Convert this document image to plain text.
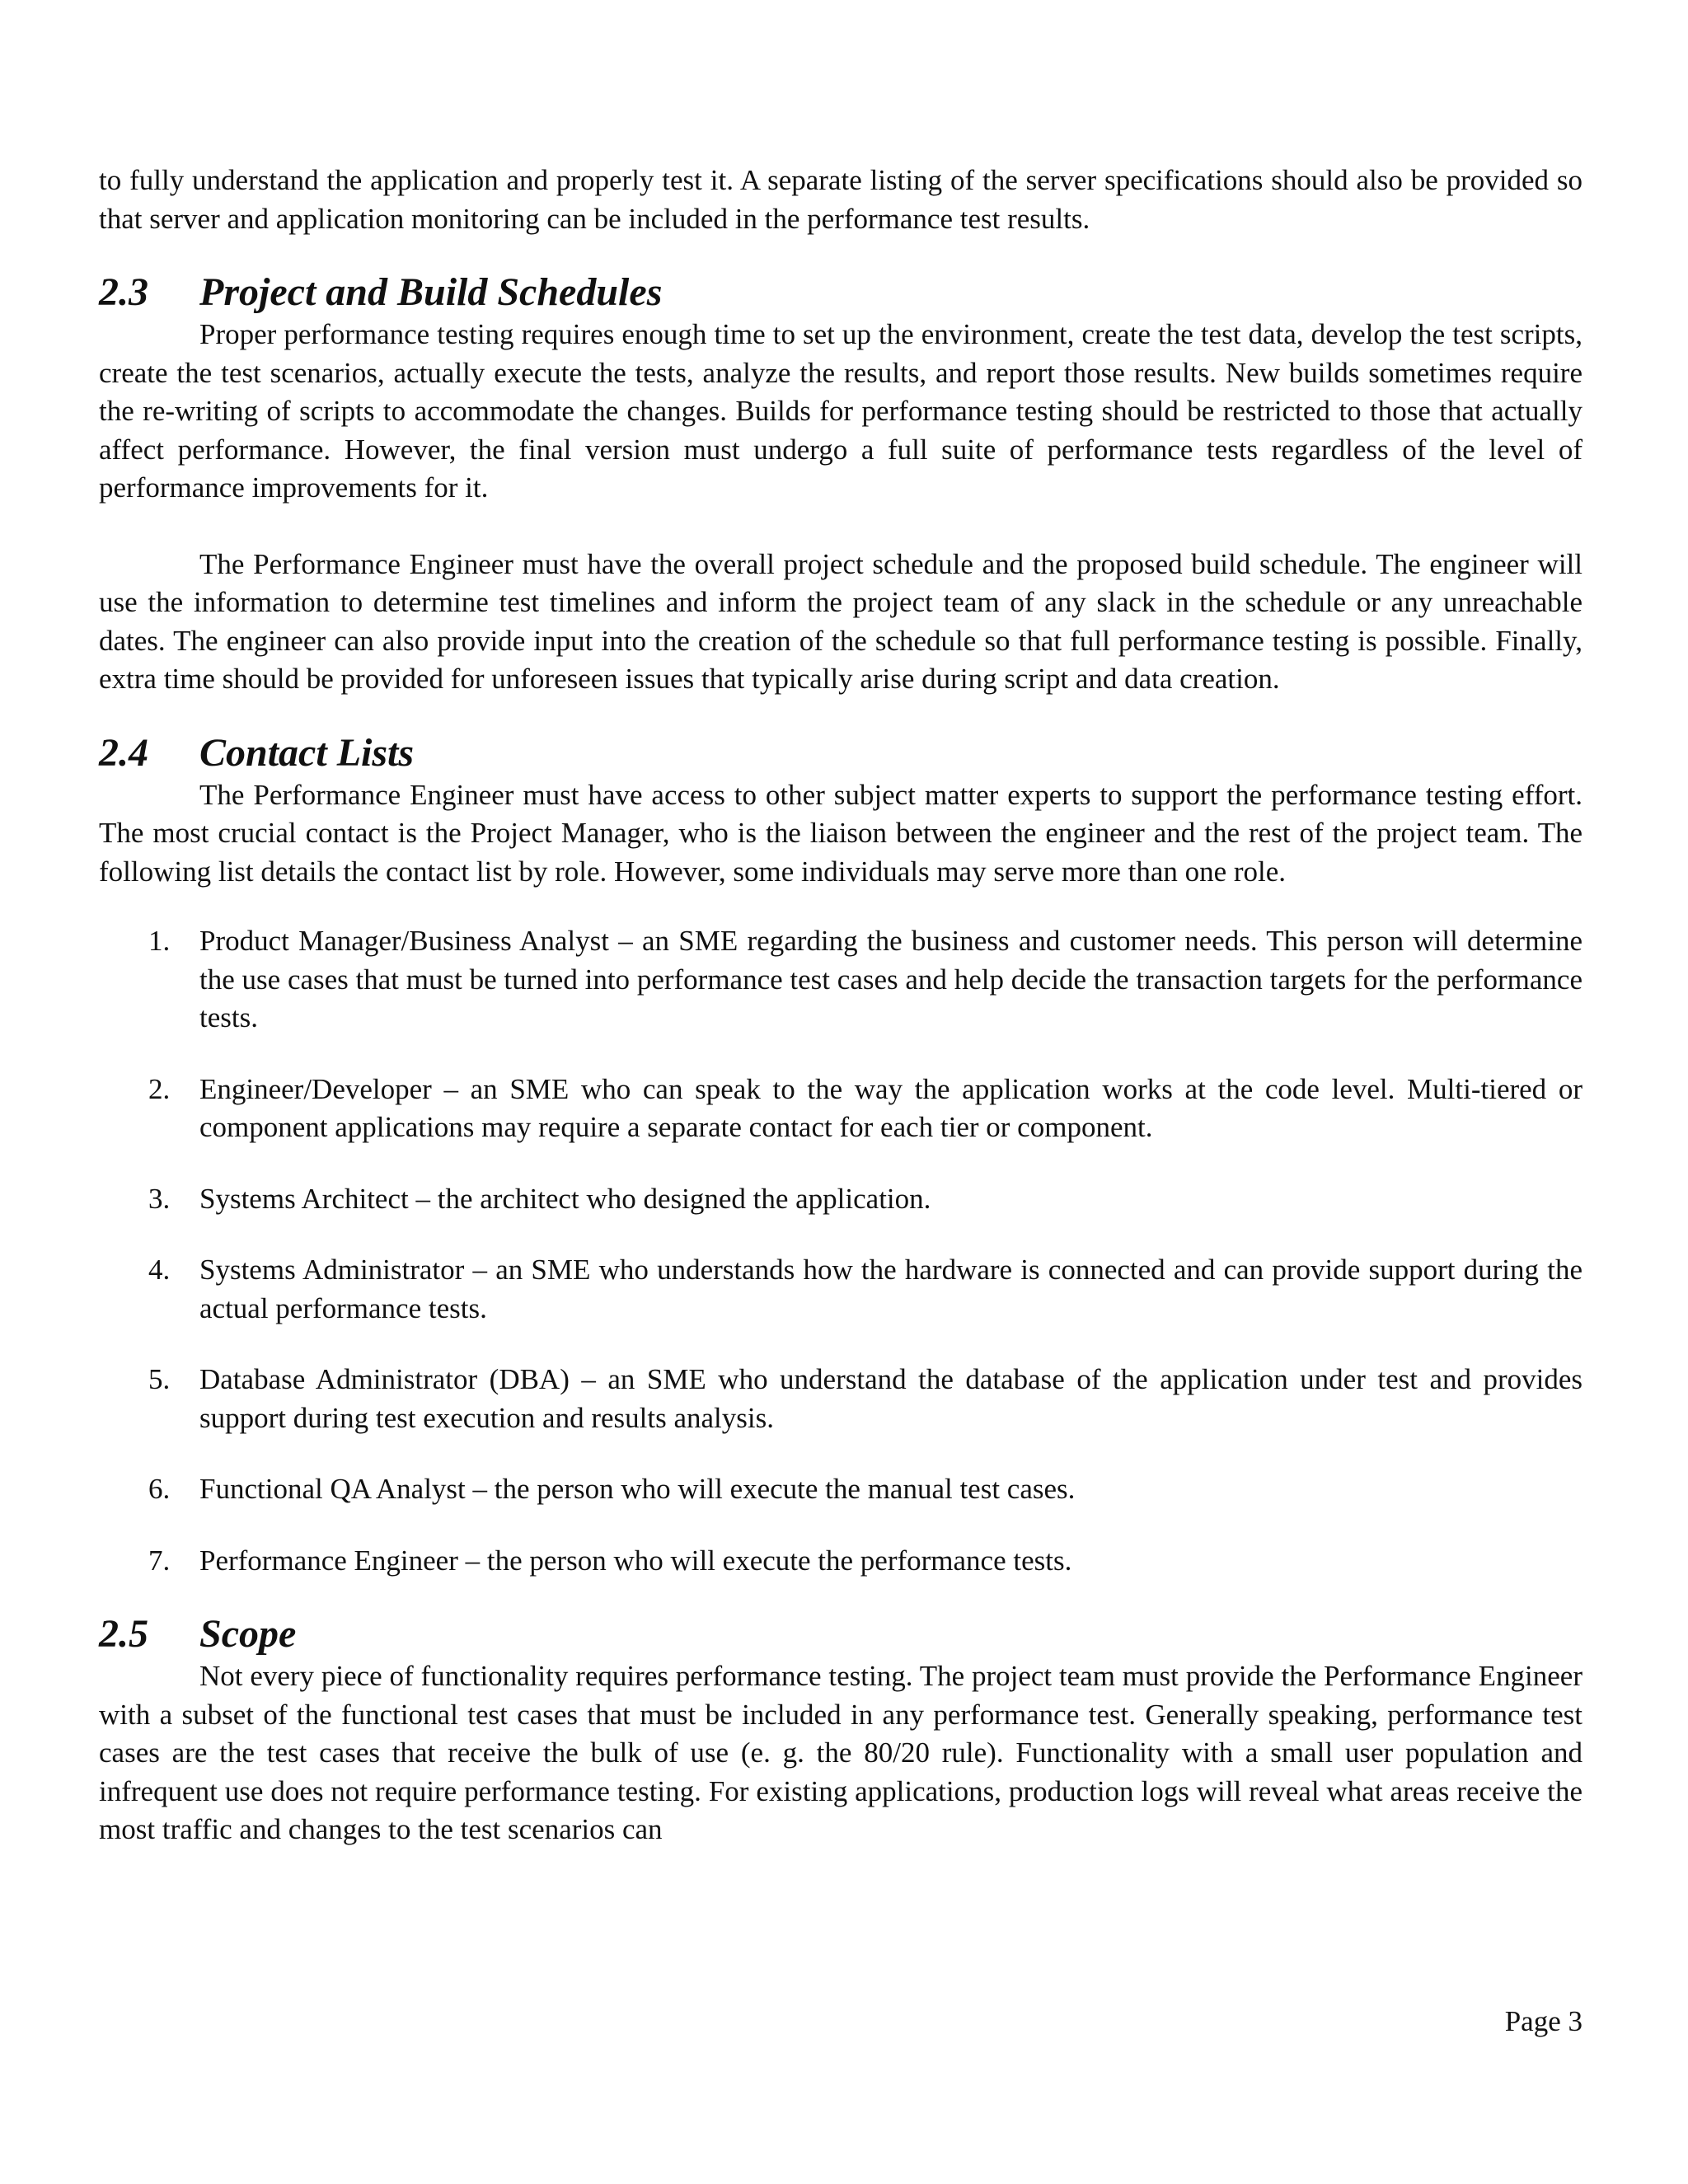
to fully understand the application and properly test it. A separate listing of the server specifications should also be provided so that server and application monitoring can be included in the performance test results.

2.3	Project and Build Schedules

Proper performance testing requires enough time to set up the environment, create the test data, develop the test scripts, create the test scenarios, actually execute the tests, analyze the results, and report those results. New builds sometimes require the re-writing of scripts to accommodate the changes. Builds for performance testing should be restricted to those that actually affect performance. However, the final version must undergo a full suite of performance tests regardless of the level of performance improvements for it.

The Performance Engineer must have the overall project schedule and the proposed build schedule. The engineer will use the information to determine test timelines and inform the project team of any slack in the schedule or any unreachable dates. The engineer can also provide input into the creation of the schedule so that full performance testing is possible. Finally, extra time should be provided for unforeseen issues that typically arise during script and data creation.

2.4	Contact Lists

The Performance Engineer must have access to other subject matter experts to support the performance testing effort. The most crucial contact is the Project Manager, who is the liaison between the engineer and the rest of the project team. The following list details the contact list by role. However, some individuals may serve more than one role.

1.	Product Manager/Business Analyst – an SME regarding the business and customer needs. This person will determine the use cases that must be turned into performance test cases and help decide the transaction targets for the performance tests.
2.	Engineer/Developer – an SME who can speak to the way the application works at the code level. Multi-tiered or component applications may require a separate contact for each tier or component.
3.	Systems Architect – the architect who designed the application.
4.	Systems Administrator – an SME who understands how the hardware is connected and can provide support during the actual performance tests.
5.	Database Administrator (DBA) – an SME who understand the database of the application under test and provides support during test execution and results analysis.
6.	Functional QA Analyst – the person who will execute the manual test cases.
7.	Performance Engineer – the person who will execute the performance tests.
2.5	Scope

Not every piece of functionality requires performance testing. The project team must provide the Performance Engineer with a subset of the functional test cases that must be included in any performance test. Generally speaking, performance test cases are the test cases that receive the bulk of use (e. g. the 80/20 rule). Functionality with a small user population and infrequent use does not require performance testing. For existing applications, production logs will reveal what areas receive the most traffic and changes to the test scenarios can

Page 3
